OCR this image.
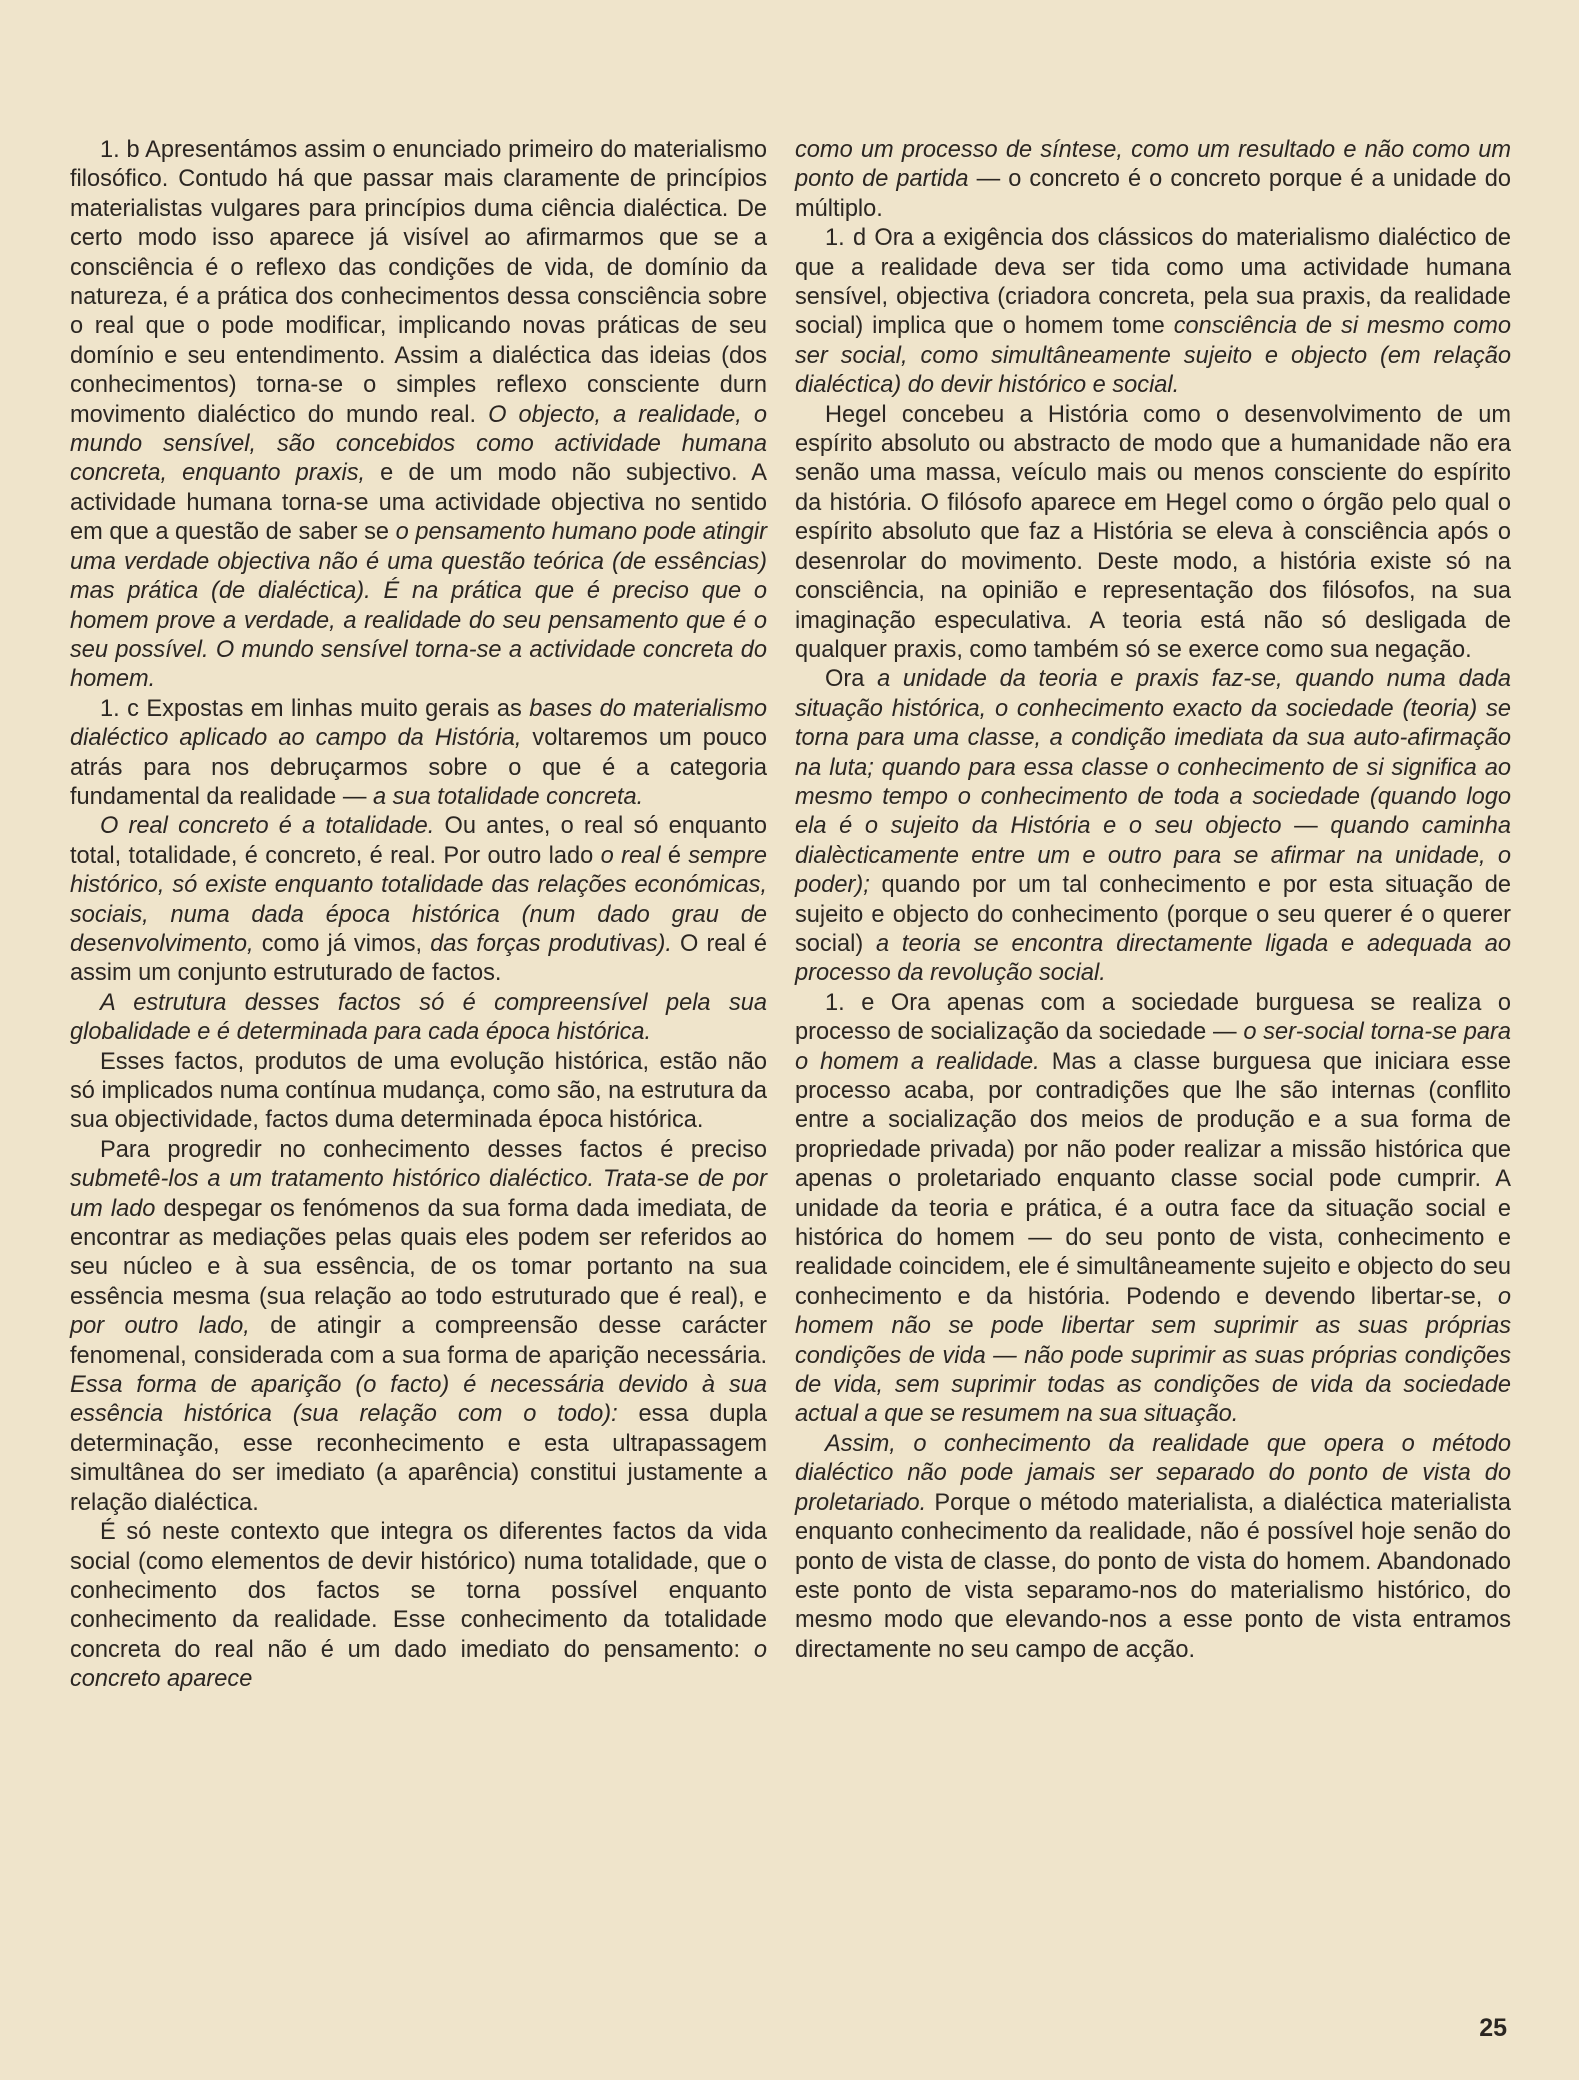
1. b Apresentámos assim o enunciado primeiro do materialismo filosófico. Contudo há que passar mais claramente de princípios materialistas vulgares para princípios duma ciência dialéctica. De certo modo isso aparece já visível ao afirmarmos que se a consciência é o reflexo das condições de vida, de domínio da natureza, é a prática dos conhecimentos dessa consciência sobre o real que o pode modificar, implicando novas práticas de seu domínio e seu entendimento. Assim a dialéctica das ideias (dos conhecimentos) torna-se o simples reflexo consciente durn movimento dialéctico do mundo real. O objecto, a realidade, o mundo sensível, são concebidos como actividade humana concreta, enquanto praxis, e de um modo não subjectivo. A actividade humana torna-se uma actividade objectiva no sentido em que a questão de saber se o pensamento humano pode atingir uma verdade objectiva não é uma questão teórica (de essências) mas prática (de dialéctica). É na prática que é preciso que o homem prove a verdade, a realidade do seu pensamento que é o seu possível. O mundo sensível torna-se a actividade concreta do homem.

1. c Expostas em linhas muito gerais as bases do materialismo dialéctico aplicado ao campo da História, voltaremos um pouco atrás para nos debruçarmos sobre o que é a categoria fundamental da realidade — a sua totalidade concreta.

O real concreto é a totalidade. Ou antes, o real só enquanto total, totalidade, é concreto, é real. Por outro lado o real é sempre histórico, só existe enquanto totalidade das relações económicas, sociais, numa dada época histórica (num dado grau de desenvolvimento, como já vimos, das forças produtivas). O real é assim um conjunto estruturado de factos.

A estrutura desses factos só é compreensível pela sua globalidade e é determinada para cada época histórica.

Esses factos, produtos de uma evolução histórica, estão não só implicados numa contínua mudança, como são, na estrutura da sua objectividade, factos duma determinada época histórica.

Para progredir no conhecimento desses factos é preciso submetê-los a um tratamento histórico dialéctico. Trata-se de por um lado despegar os fenómenos da sua forma dada imediata, de encontrar as mediações pelas quais eles podem ser referidos ao seu núcleo e à sua essência, de os tomar portanto na sua essência mesma (sua relação ao todo estruturado que é real), e por outro lado, de atingir a compreensão desse carácter fenomenal, considerada com a sua forma de aparição necessária. Essa forma de aparição (o facto) é necessária devido à sua essência histórica (sua relação com o todo): essa dupla determinação, esse reconhecimento e esta ultrapassagem simultânea do ser imediato (a aparência) constitui justamente a relação dialéctica.

É só neste contexto que integra os diferentes factos da vida social (como elementos de devir histórico) numa totalidade, que o conhecimento dos factos se torna possível enquanto conhecimento da realidade. Esse conhecimento da totalidade concreta do real não é um dado imediato do pensamento: o concreto aparece

como um processo de síntese, como um resultado e não como um ponto de partida — o concreto é o concreto porque é a unidade do múltiplo.

1. d Ora a exigência dos clássicos do materialismo dialéctico de que a realidade deva ser tida como uma actividade humana sensível, objectiva (criadora concreta, pela sua praxis, da realidade social) implica que o homem tome consciência de si mesmo como ser social, como simultâneamente sujeito e objecto (em relação dialéctica) do devir histórico e social.

Hegel concebeu a História como o desenvolvimento de um espírito absoluto ou abstracto de modo que a humanidade não era senão uma massa, veículo mais ou menos consciente do espírito da história. O filósofo aparece em Hegel como o órgão pelo qual o espírito absoluto que faz a História se eleva à consciência após o desenrolar do movimento. Deste modo, a história existe só na consciência, na opinião e representação dos filósofos, na sua imaginação especulativa. A teoria está não só desligada de qualquer praxis, como também só se exerce como sua negação.

Ora a unidade da teoria e praxis faz-se, quando numa dada situação histórica, o conhecimento exacto da sociedade (teoria) se torna para uma classe, a condição imediata da sua auto-afirmação na luta; quando para essa classe o conhecimento de si significa ao mesmo tempo o conhecimento de toda a sociedade (quando logo ela é o sujeito da História e o seu objecto — quando caminha dialècticamente entre um e outro para se afirmar na unidade, o poder); quando por um tal conhecimento e por esta situação de sujeito e objecto do conhecimento (porque o seu querer é o querer social) a teoria se encontra directamente ligada e adequada ao processo da revolução social.

1. e Ora apenas com a sociedade burguesa se realiza o processo de socialização da sociedade — o ser-social torna-se para o homem a realidade. Mas a classe burguesa que iniciara esse processo acaba, por contradições que lhe são internas (conflito entre a socialização dos meios de produção e a sua forma de propriedade privada) por não poder realizar a missão histórica que apenas o proletariado enquanto classe social pode cumprir. A unidade da teoria e prática, é a outra face da situação social e histórica do homem — do seu ponto de vista, conhecimento e realidade coincidem, ele é simultâneamente sujeito e objecto do seu conhecimento e da história. Podendo e devendo libertar-se, o homem não se pode libertar sem suprimir as suas próprias condições de vida — não pode suprimir as suas próprias condições de vida, sem suprimir todas as condições de vida da sociedade actual a que se resumem na sua situação.

Assim, o conhecimento da realidade que opera o método dialéctico não pode jamais ser separado do ponto de vista do proletariado. Porque o método materialista, a dialéctica materialista enquanto conhecimento da realidade, não é possível hoje senão do ponto de vista de classe, do ponto de vista do homem. Abandonado este ponto de vista separamo-nos do materialismo histórico, do mesmo modo que elevando-nos a esse ponto de vista entramos directamente no seu campo de acção.

25
